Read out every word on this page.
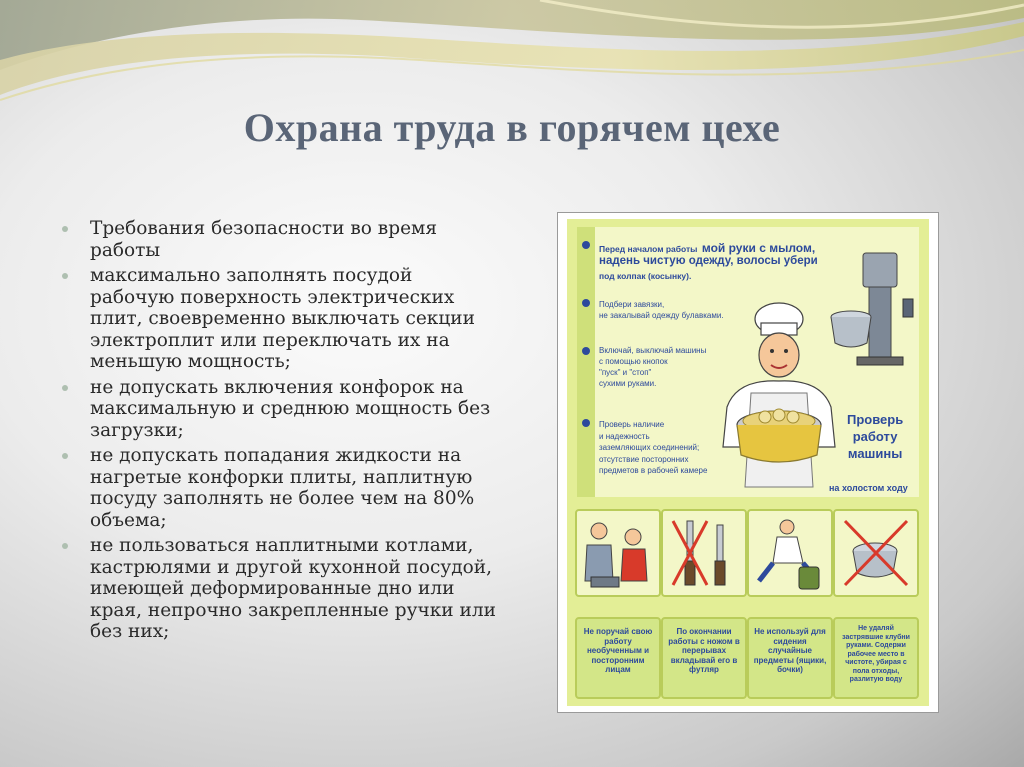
Охрана труда в горячем цехе
Требования безопасности во время работы
максимально заполнять посудой рабочую поверхность электрических плит, своевременно выключать секции электроплит или переключать их на меньшую мощность;
не допускать включения конфорок на максимальную и среднюю мощность без загрузки;
не допускать попадания жидкости на нагретые конфорки плиты, наплитную посуду заполнять не более чем на 80% объема;
не пользоваться наплитными котлами, кастрюлями и другой кухонной посудой, имеющей деформированные дно или края, непрочно закрепленные ручки или без них;
Перед началом работы мой руки с мылом,
надень чистую одежду, волосы убери
под колпак (косынку).
Подбери завязки,
не закалывай одежду булавками.
Включай, выключай машины
с помощью кнопок
"пуск" и "стоп"
сухими руками.
Проверь наличие
и надежность
заземляющих соединений;
отсутствие посторонних
предметов в рабочей камере
Проверь
работу
машины
на холостом ходу
Не поручай свою работу необученным и посторонним лицам
По окончании работы с ножом в перерывах вкладывай его в футляр
Не используй для сидения случайные предметы (ящики, бочки)
Не удаляй застрявшие клубни руками. Содержи рабочее место в чистоте, убирая с пола отходы, разлитую воду
